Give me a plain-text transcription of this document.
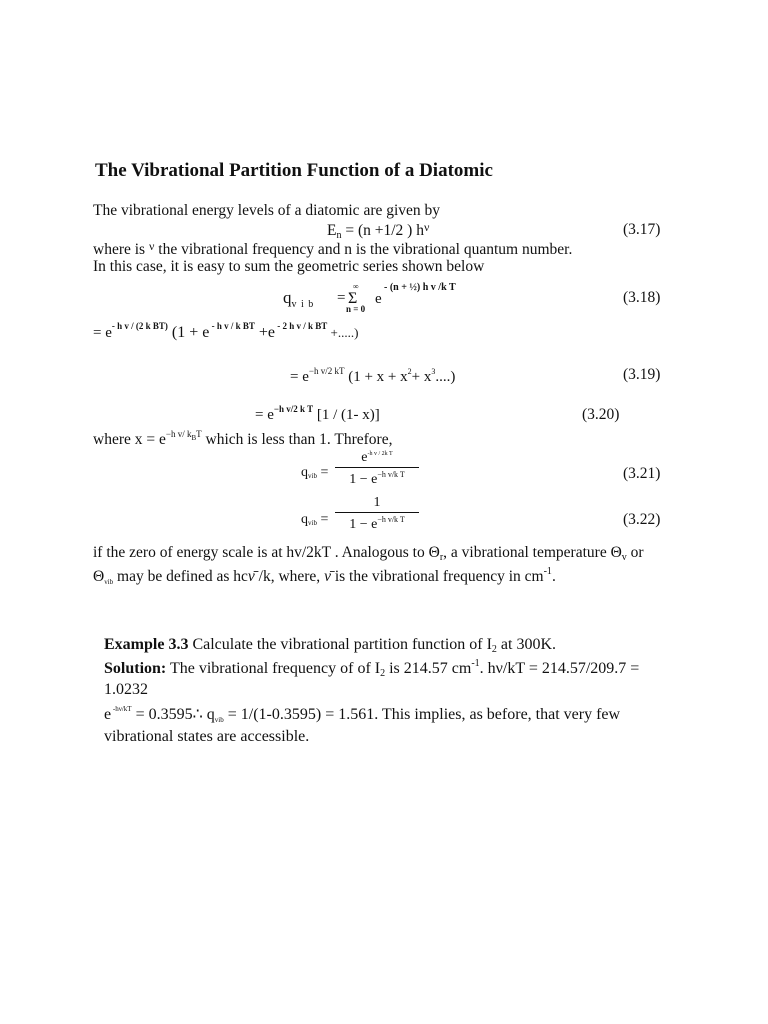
The Vibrational Partition Function of a Diatomic
The vibrational energy levels of a diatomic are given by
$E_n = (n +1/2$ ) $h^\nu$	(3.17)
where is $^\nu$ the vibrational frequency and n is the vibrational quantum number.
In this case, it is easy to sum the geometric series shown below
$q_{v i b}$ =
∞
Σ
n = 0
e
- (n + ½) h v /k T
(3.18)
= $e^{- h v / (2 k BT)}$ (1 + e $^{- h v / k BT}$ +e $^{- 2 h v / k BT}$ +.....)
= $e^{-h v/2 kT}$ $(1 + x + x^2+ x^3....)$	(3.19)
= $e^{-h v/2 k T}$ [1 / (1- x)]	(3.20)
where $x = e^{-h v/ kBT}$ which is less than 1. Threfore,
qvib =
$e^{-h v / 2k T}$
$1 - e^{-h v/k T}$	(3.21)
qvib =
1
$1 - e^{-h v/k T}$	(3.22)
if the zero of energy scale is at hv/2kT . Analogous to $\Theta_r$, a vibrational temperature $\Theta_v$ or
Θvib may be defined as hcν̄ /k, where, ν̄ is the vibrational frequency in $cm^{-1}$.
Example 3.3 Calculate the vibrational partition function of $I_2$ at 300K.
Solution: The vibrational frequency of of $I_2$ is 214.57 $cm^{-1}$. hν/kT = 214.57/209.7 =
1.0232
e $^{-h\nu/kT}$ = 0.3595∴ qvib = 1/(1-0.3595) = 1.561. This implies, as before, that very few
vibrational states are accessible.
